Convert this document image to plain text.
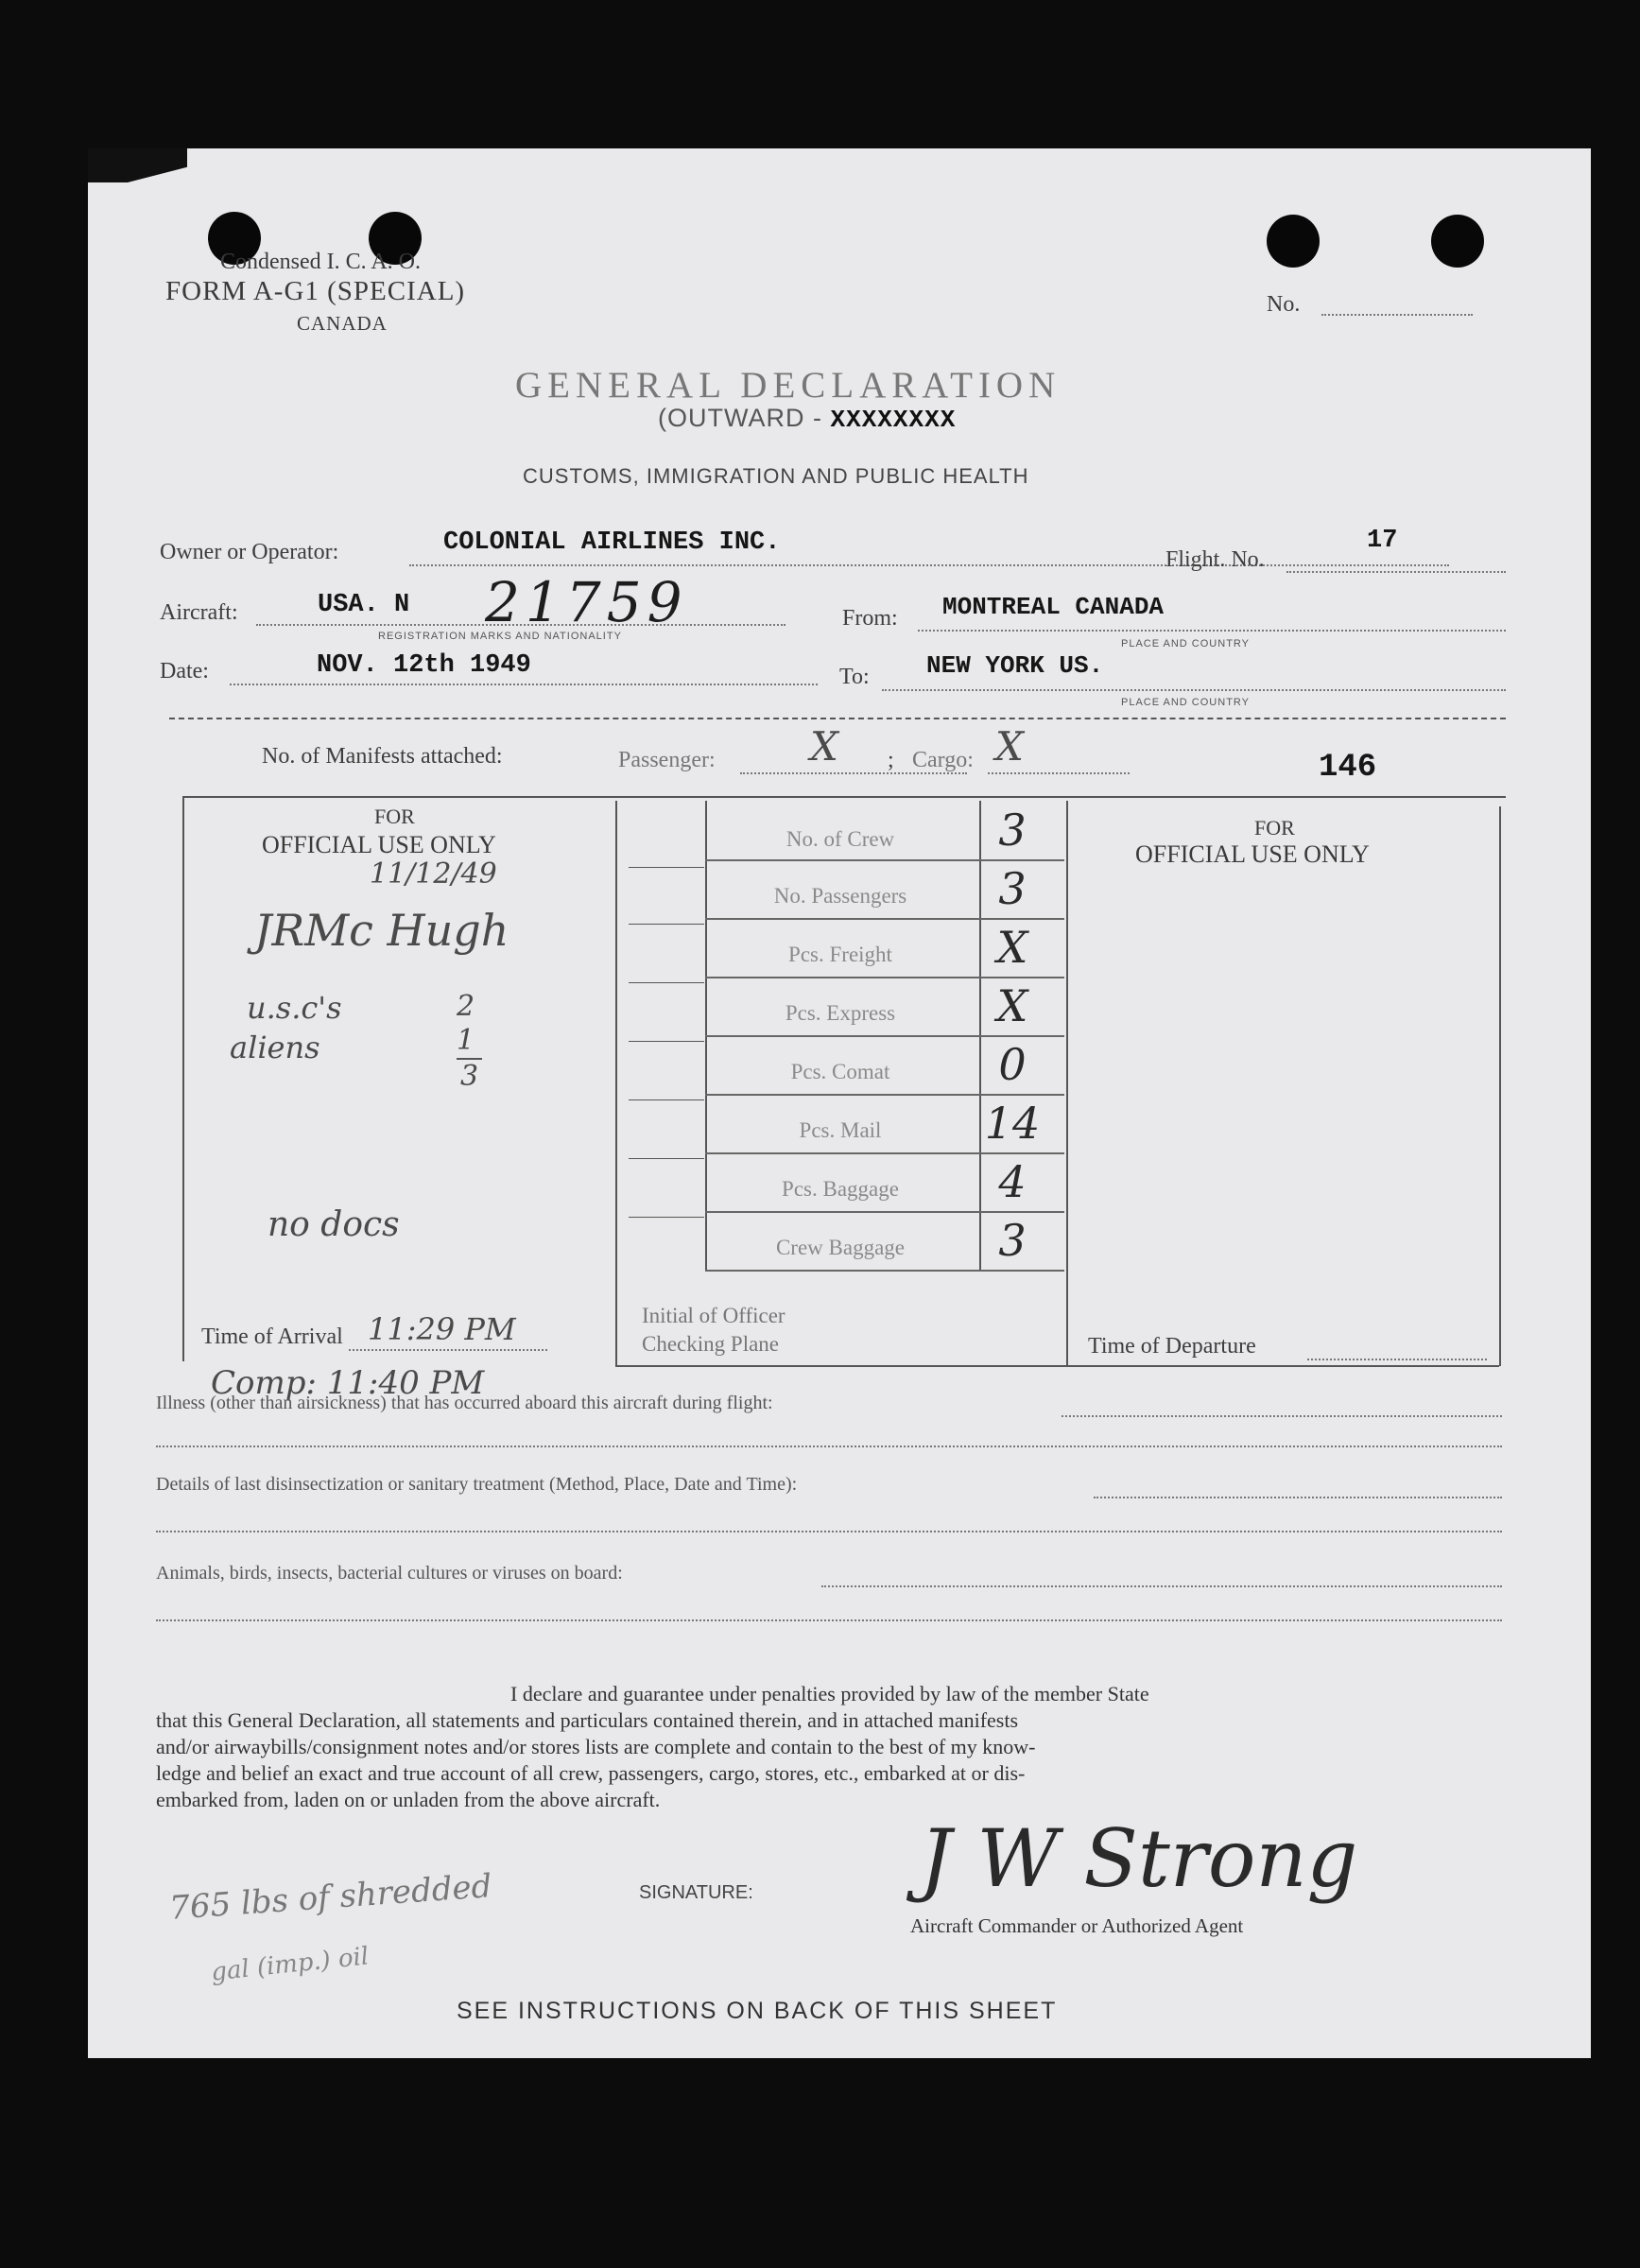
Condensed I. C. A. O.
FORM A-G1 (SPECIAL)
CANADA
No.
GENERAL DECLARATION
(OUTWARD - XXXXXXXX
CUSTOMS, IMMIGRATION AND PUBLIC HEALTH
Owner or Operator:	COLONIAL AIRLINES INC.
Flight. No.
17
Aircraft:	USA. N 21759
REGISTRATION MARKS AND NATIONALITY
From: MONTREAL CANADA
PLACE AND COUNTRY
Date:	NOV. 12th 1949	To: NEW YORK US.
PLACE AND COUNTRY
No. of Manifests attached:	Passenger: X ; Cargo: X	146
FOR
OFFICIAL USE ONLY
11/12/49
JRMc Hugh
u.s.c's	2
aliens	1
3
no docs
Time of Arrival 11:29 PM
No. of Crew	3
No. Passengers	3
Pcs. Freight	X
Pcs. Express	X
Pcs. Comat	0
Pcs. Mail	14
Pcs. Baggage	4
Crew Baggage	3
Initial of Officer
Checking Plane
FOR
OFFICIAL USE ONLY
Time of Departure
Comp: 11:40 PM
Illness (other than airsickness) that has occurred aboard this aircraft during flight:
Details of last disinsectization or sanitary treatment (Method, Place, Date and Time):
Animals, birds, insects, bacterial cultures or viruses on board:
I declare and guarantee under penalties provided by law of the member State
that this General Declaration, all statements and particulars contained therein, and in attached manifests
and/or airwaybills/consignment notes and/or stores lists are complete and contain to the best of my know-
ledge and belief an exact and true account of all crew, passengers, cargo, stores, etc., embarked at or dis-
embarked from, laden on or unladen from the above aircraft.
SIGNATURE: J W Strong
Aircraft Commander or Authorized Agent
765 lbs of shredded
gal (imp.) oil
SEE INSTRUCTIONS ON BACK OF THIS SHEET
